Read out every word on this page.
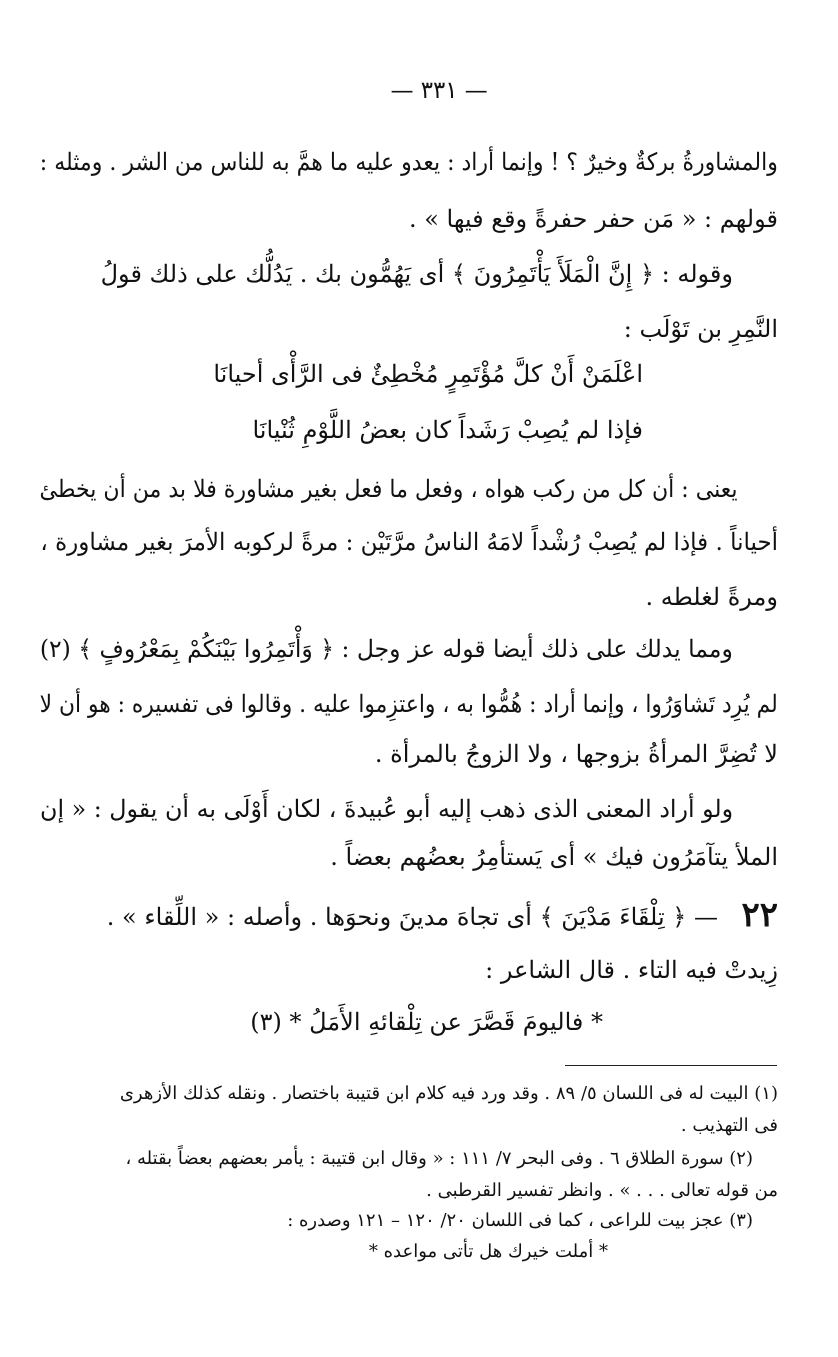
— ٣٣١ —
والمشاورةُ بركةٌ وخيرٌ ؟ ! وإنما أراد : يعدو عليه ما همَّ به للناس من الشر . ومثله :
قولهم : « مَن حفر حفرةً وقع فيها » .
وقوله : ﴿ إِنَّ الْمَلَأَ يَأْتَمِرُونَ ﴾ أى يَهُمُّون بك . يَدُلُّك على ذلك قولُ
النَّمِرِ بن تَوْلَب :
اعْلَمَنْ أَنْ كلَّ مُؤْتَمِرٍ مُخْطِئٌ فى الرَّأْى أحيانَا
فإذا لم يُصِبْ رَشَداً كان بعضُ اللَّوْمِ ثُنْيانَا
يعنى : أن كل من ركب هواه ، وفعل ما فعل بغير مشاورة فلا بد من أن يخطئ
أحياناً . فإذا لم يُصِبْ رُشْداً لامَهُ الناسُ مرَّتَيْن : مرةً لركوبه الأمرَ بغير مشاورة ،
ومرةً لغلطه .
ومما يدلك على ذلك أيضا قوله عز وجل : ﴿ وَأْتَمِرُوا بَيْنَكُمْ بِمَعْرُوفٍ ﴾ (٢)
لم يُرِد تَشاوَرُوا ، وإنما أراد : هُمُّوا به ، واعتزِموا عليه . وقالوا فى تفسيره : هو أن لا
لا تُضِرَّ المرأةُ بزوجها ، ولا الزوجُ بالمرأة .
ولو أراد المعنى الذى ذهب إليه أبو عُبيدةَ ، لكان أَوْلَى به أن يقول : « إن
الملأ يتآمَرُون فيك » أى يَستأمِرُ بعضُهم بعضاً .
٢٢
— ﴿ تِلْقَاءَ مَدْيَنَ ﴾ أى تجاهَ مدينَ ونحوَها . وأصله : « اللِّقاء » .
زِيدتْ فيه التاء . قال الشاعر :
* فاليومَ قَصَّرَ عن تِلْقائهِ الأَمَلُ * (٣)
(١) البيت له فى اللسان ٥/ ٨٩ . وقد ورد فيه كلام ابن قتيبة باختصار . ونقله كذلك الأزهرى
فى التهذيب .
(٢) سورة الطلاق ٦ . وفى البحر ٧/ ١١١ : « وقال ابن قتيبة : يأمر بعضهم بعضاً بقتله ،
من قوله تعالى . . . » . وانظر تفسير القرطبى .
(٣) عجز بيت للراعى ، كما فى اللسان ٢٠/ ١٢٠ – ١٢١ وصدره :
* أملت خيرك هل تأتى مواعده *
